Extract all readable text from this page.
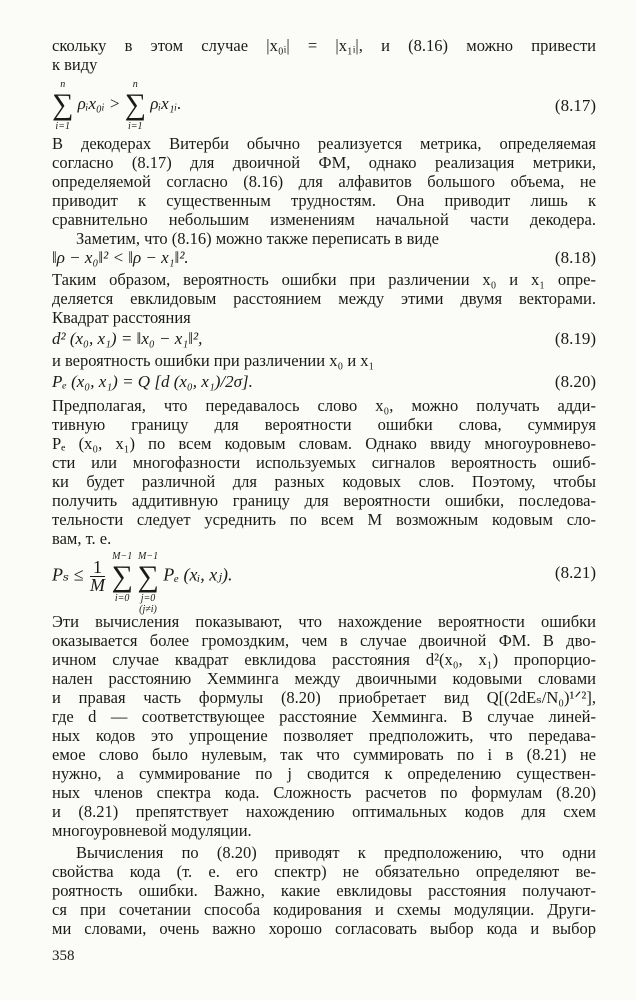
скольку в этом случае |x₀ᵢ| = |x₁ᵢ|, и (8.16) можно привести
к виду
∑
n
i=1
ρᵢx₀ᵢ > ∑
n
i=1
ρᵢx₁ᵢ.	(8.17)
В декодерах Витерби обычно реализуется метрика, определяемая
согласно (8.17) для двоичной ФМ, однако реализация метрики,
определяемой согласно (8.16) для алфавитов большого объема, не
приводит к существенным трудностям. Она приводит лишь к
сравнительно небольшим изменениям начальной части декодера.
Заметим, что (8.16) можно также переписать в виде
‖ρ − x₀‖² < ‖ρ − x₁‖².	(8.18)
Таким образом, вероятность ошибки при различении x₀ и x₁ опре-
деляется евклидовым расстоянием между этими двумя векторами.
Квадрат расстояния
d² (x₀, x₁) = ‖x₀ − x₁‖²,	(8.19)
и вероятность ошибки при различении x₀ и x₁
Pₑ (x₀, x₁) = Q [d (x₀, x₁)/2σ].	(8.20)
Предполагая, что передавалось слово x₀, можно получать адди-
тивную границу для вероятности ошибки слова, суммируя
Pₑ (x₀, x₁) по всем кодовым словам. Однако ввиду многоуровнево-
сти или многофазности используемых сигналов вероятность ошиб-
ки будет различной для разных кодовых слов. Поэтому, чтобы
получить аддитивную границу для вероятности ошибки, последова-
тельности следует усреднить по всем M возможным кодовым сло-
вам, т. е.
$P_s \le \frac{1}{M}$ ∑
M−1
i=0
∑
M−1
j=0
(j≠i)
Pₑ (xᵢ, xⱼ).	(8.21)
Эти вычисления показывают, что нахождение вероятности ошибки
оказывается более громоздким, чем в случае двоичной ФМ. В дво-
ичном случае квадрат евклидова расстояния d²(x₀, x₁) пропорцио-
нален расстоянию Хемминга между двоичными кодовыми словами
и правая часть формулы (8.20) приобретает вид Q[(2dEₛ/N₀)¹ᐟ²],
где d — соответствующее расстояние Хемминга. В случае линей-
ных кодов это упрощение позволяет предположить, что передава-
емое слово было нулевым, так что суммировать по i в (8.21) не
нужно, а суммирование по j сводится к определению существен-
ных членов спектра кода. Сложность расчетов по формулам (8.20)
и (8.21) препятствует нахождению оптимальных кодов для схем
многоуровневой модуляции.
Вычисления по (8.20) приводят к предположению, что одни
свойства кода (т. е. его спектр) не обязательно определяют ве-
роятность ошибки. Важно, какие евклидовы расстояния получают-
ся при сочетании способа кодирования и схемы модуляции. Други-
ми словами, очень важно хорошо согласовать выбор кода и выбор
358
